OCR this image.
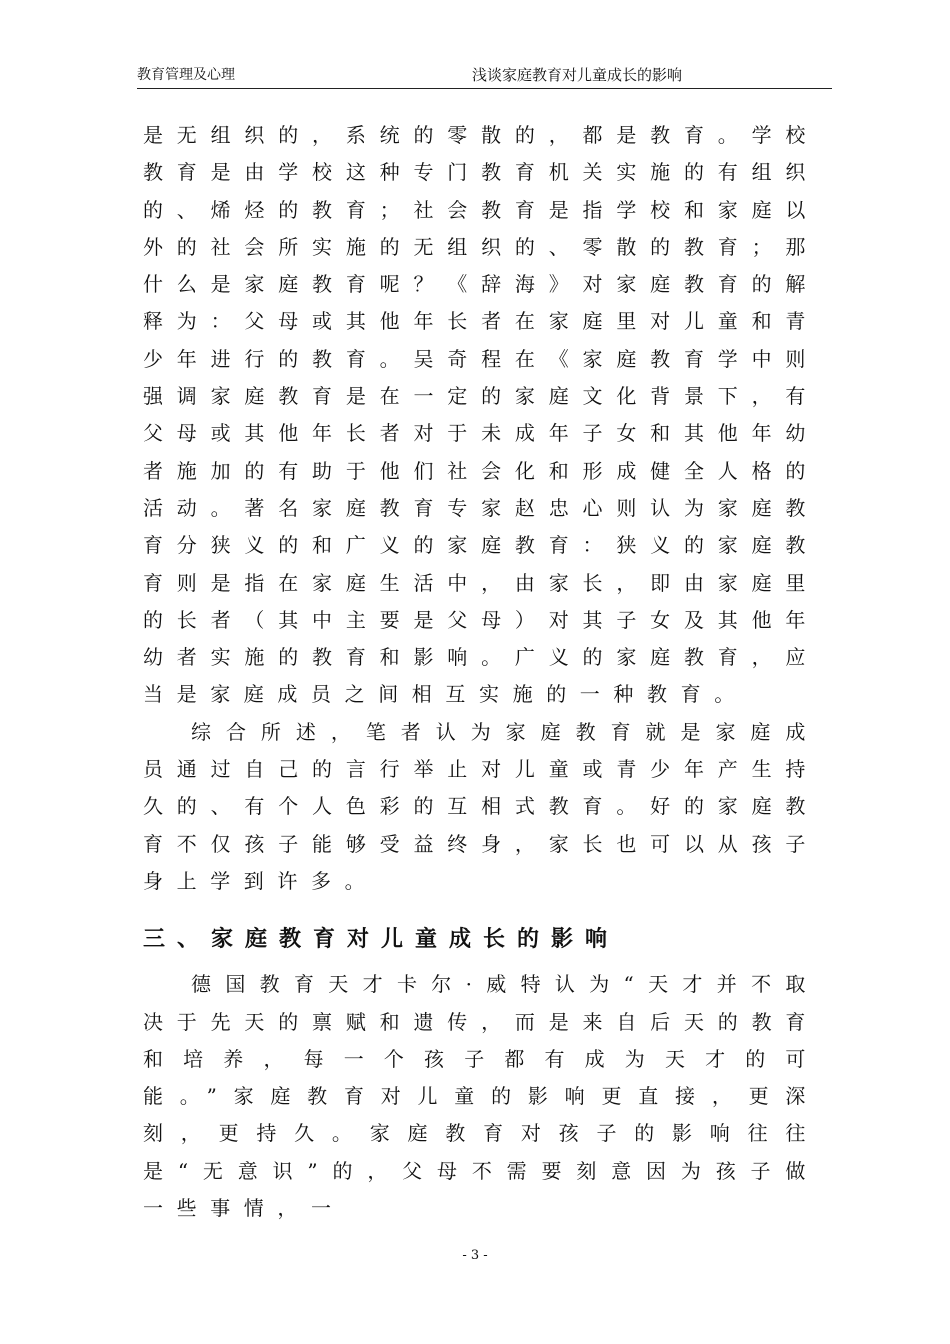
教育管理及心理	浅谈家庭教育对儿童成长的影响

是无组织的，系统的零散的，都是教育。学校教育是由学校这种专门教育机关实施的有组织的、烯烃的教育；社会教育是指学校和家庭以外的社会所实施的无组织的、零散的教育；那什么是家庭教育呢？《辞海》对家庭教育的解释为：父母或其他年长者在家庭里对儿童和青少年进行的教育。吴奇程在《家庭教育学中则强调家庭教育是在一定的家庭文化背景下，有父母或其他年长者对于未成年子女和其他年幼者施加的有助于他们社会化和形成健全人格的活动。著名家庭教育专家赵忠心则认为家庭教育分狭义的和广义的家庭教育：狭义的家庭教育则是指在家庭生活中，由家长，即由家庭里的长者（其中主要是父母）对其子女及其他年幼者实施的教育和影响。广义的家庭教育，应当是家庭成员之间相互实施的一种教育。

综合所述，笔者认为家庭教育就是家庭成员通过自己的言行举止对儿童或青少年产生持久的、有个人色彩的互相式教育。好的家庭教育不仅孩子能够受益终身，家长也可以从孩子身上学到许多。

三、家庭教育对儿童成长的影响

德国教育天才卡尔·威特认为“天才并不取决于先天的禀赋和遗传，而是来自后天的教育和培养，每一个孩子都有成为天才的可能。”家庭教育对儿童的影响更直接，更深刻，更持久。家庭教育对孩子的影响往往是“无意识”的，父母不需要刻意因为孩子做一些事情，一

- 3 -
